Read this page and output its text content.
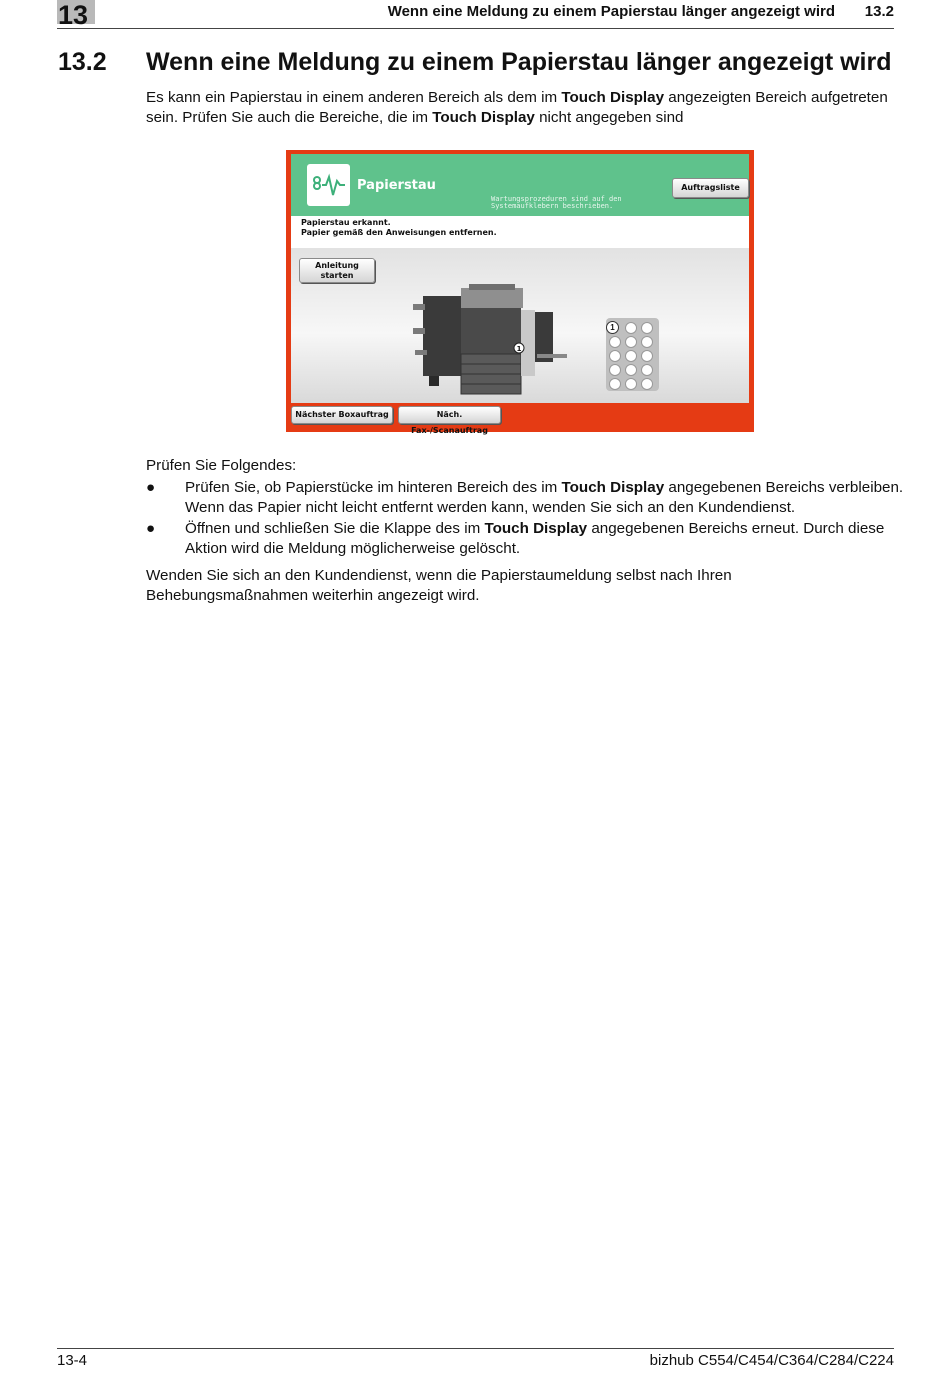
13	Wenn eine Meldung zu einem Papierstau länger angezeigt wird 13.2
13.2 Wenn eine Meldung zu einem Papierstau länger angezeigt wird
Es kann ein Papierstau in einem anderen Bereich als dem im Touch Display angezeigten Bereich aufgetreten sein. Prüfen Sie auch die Bereiche, die im Touch Display nicht angegeben sind
Papierstau
Wartungsprozeduren sind auf den Systemaufklebern beschrieben.
Auftragsliste
Papierstau erkannt.
Papier gemäß den Anweisungen entfernen.
Anleitung
starten
1
1
Nächster Boxauftrag	Näch. Fax-/Scanauftrag
Prüfen Sie Folgendes:
● Prüfen Sie, ob Papierstücke im hinteren Bereich des im Touch Display angegebenen Bereichs verbleiben. Wenn das Papier nicht leicht entfernt werden kann, wenden Sie sich an den Kundendienst.
● Öffnen und schließen Sie die Klappe des im Touch Display angegebenen Bereichs erneut. Durch diese Aktion wird die Meldung möglicherweise gelöscht.
Wenden Sie sich an den Kundendienst, wenn die Papierstaumeldung selbst nach Ihren Behebungsmaßnahmen weiterhin angezeigt wird.
13-4	bizhub C554/C454/C364/C284/C224
